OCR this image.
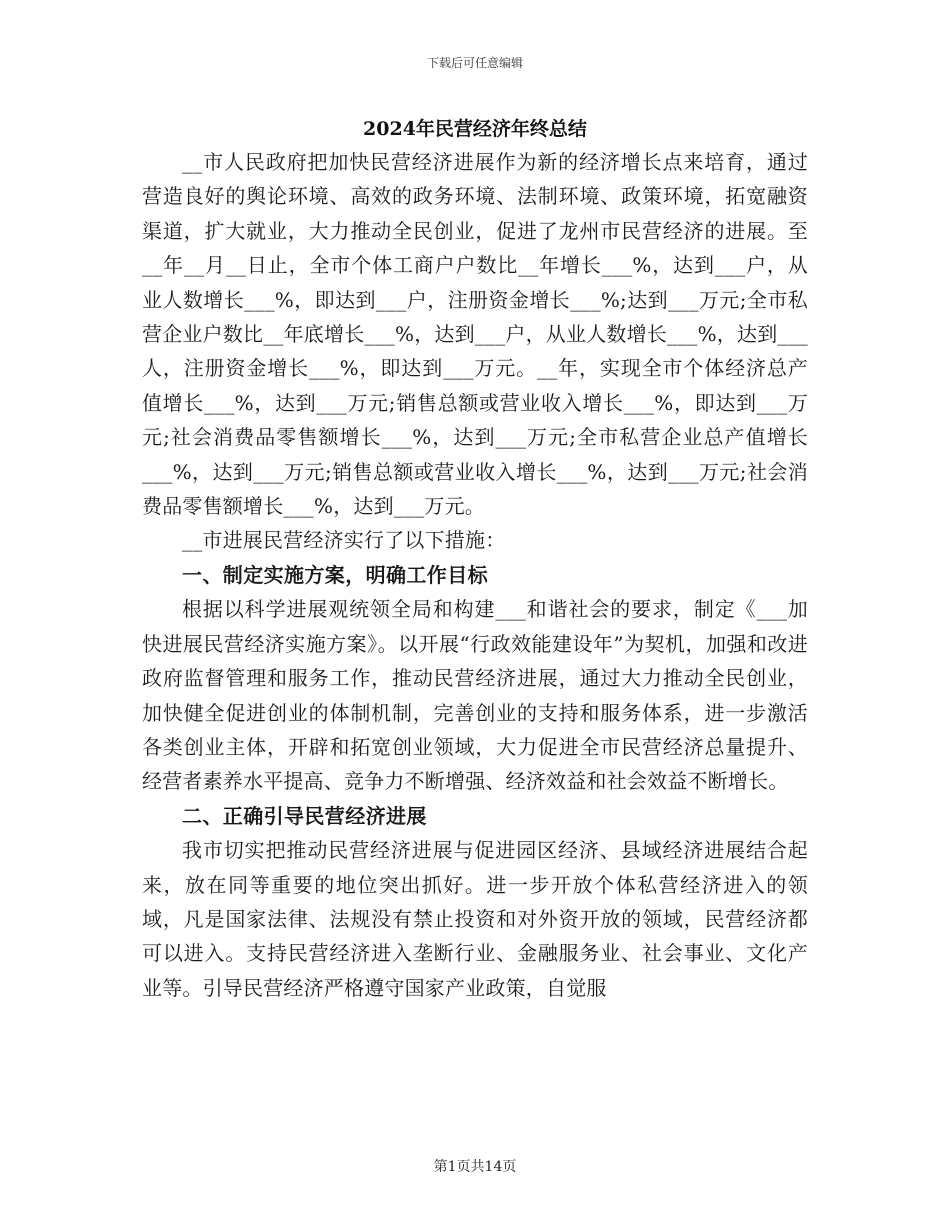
下载后可任意编辑
2024年民营经济年终总结

__市人民政府把加快民营经济进展作为新的经济增长点来培育，通过营造良好的舆论环境、高效的政务环境、法制环境、政策环境，拓宽融资渠道，扩大就业，大力推动全民创业，促进了龙州市民营经济的进展。至__年__月__日止，全市个体工商户户数比__年增长___%，达到___户，从业人数增长___%，即达到___户，注册资金增长___%;达到___万元;全市私营企业户数比__年底增长___%，达到___户，从业人数增长___%，达到___人，注册资金增长___%，即达到___万元。__年，实现全市个体经济总产值增长___%，达到___万元;销售总额或营业收入增长___%，即达到___万元;社会消费品零售额增长___%，达到___万元;全市私营企业总产值增长___%，达到___万元;销售总额或营业收入增长___%，达到___万元;社会消费品零售额增长___%，达到___万元。

__市进展民营经济实行了以下措施：

一、制定实施方案，明确工作目标

根据以科学进展观统领全局和构建___和谐社会的要求，制定《___加快进展民营经济实施方案》。以开展“行政效能建设年”为契机，加强和改进政府监督管理和服务工作，推动民营经济进展，通过大力推动全民创业，加快健全促进创业的体制机制，完善创业的支持和服务体系，进一步激活各类创业主体，开辟和拓宽创业领域，大力促进全市民营经济总量提升、经营者素养水平提高、竞争力不断增强、经济效益和社会效益不断增长。

二、正确引导民营经济进展

我市切实把推动民营经济进展与促进园区经济、县域经济进展结合起来，放在同等重要的地位突出抓好。进一步开放个体私营经济进入的领域，凡是国家法律、法规没有禁止投资和对外资开放的领域，民营经济都可以进入。支持民营经济进入垄断行业、金融服务业、社会事业、文化产业等。引导民营经济严格遵守国家产业政策，自觉服

第1页共14页
